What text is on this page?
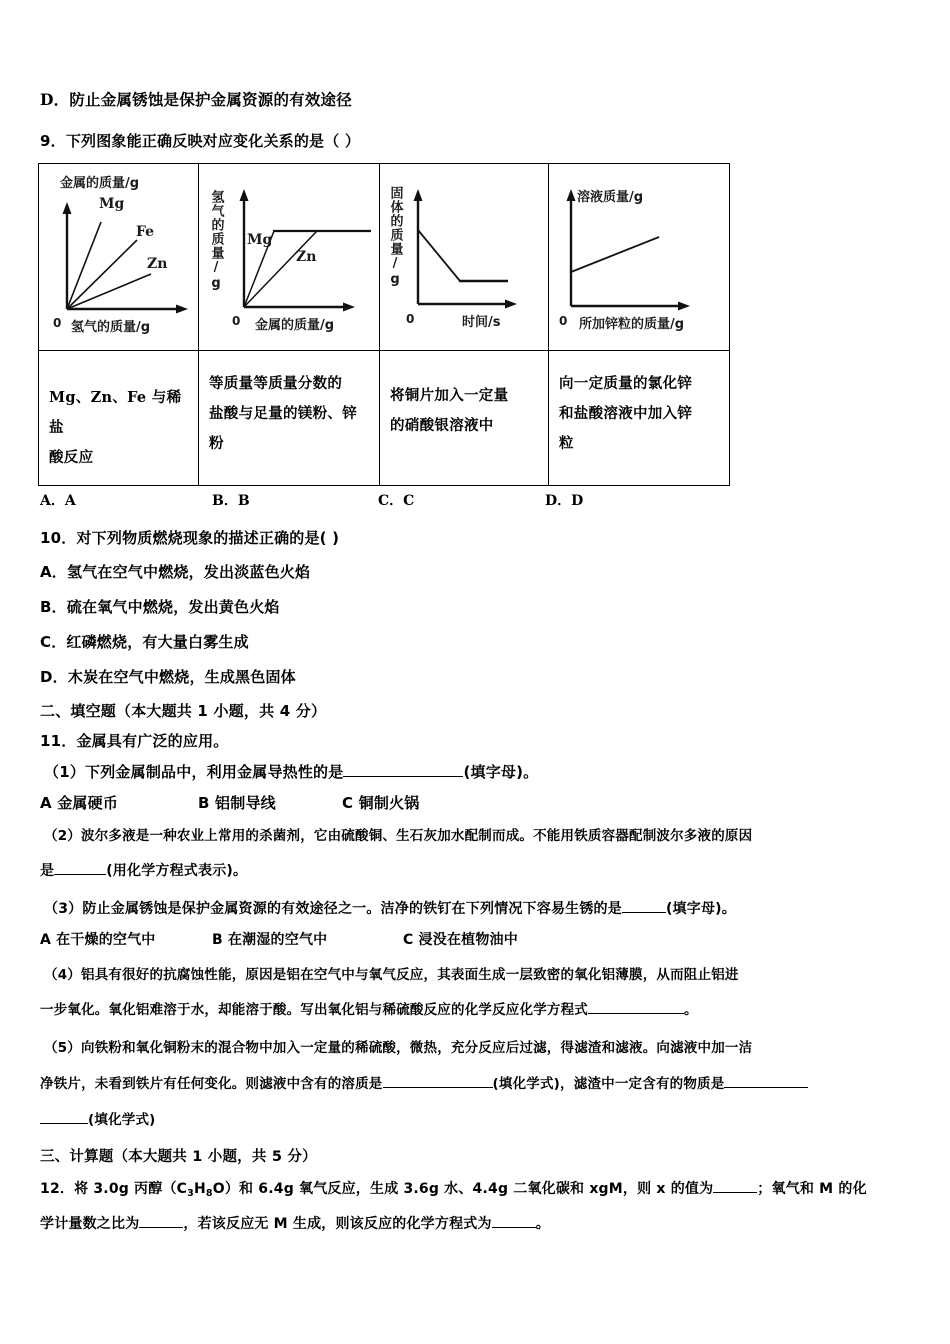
D．防止金属锈蚀是保护金属资源的有效途径
9．下列图象能正确反映对应变化关系的是（ ）
金属的质量/g
Mg
Fe
Zn
0 氢气的质量/g

氢气的质量/g Mg
Zn
0 金属的质量/g

固体的质量/g
0	时间/s

溶液质量/g
0 所加锌粒的质量/g

Mg、Zn、Fe 与稀盐
酸反应

等质量等质量分数的
盐酸与足量的镁粉、锌
粉

将铜片加入一定量
的硝酸银溶液中

向一定质量的氯化锌
和盐酸溶液中加入锌
粒
A．A	B．B	C．C	D．D
10．对下列物质燃烧现象的描述正确的是( )
A．氢气在空气中燃烧，发出淡蓝色火焰
B．硫在氧气中燃烧，发出黄色火焰
C．红磷燃烧，有大量白雾生成
D．木炭在空气中燃烧，生成黑色固体
二、填空题（本大题共 1 小题，共 4 分）
11．金属具有广泛的应用。
（1）下列金属制品中，利用金属导热性的是	(填字母)。
A 金属硬币	B 铝制导线	C 铜制火锅
（2）波尔多液是一种农业上常用的杀菌剂，它由硫酸铜、生石灰加水配制而成。不能用铁质容器配制波尔多液的原因
是	(用化学方程式表示)。
（3）防止金属锈蚀是保护金属资源的有效途径之一。洁净的铁钉在下列情况下容易生锈的是	(填字母)。
A 在干燥的空气中	B 在潮湿的空气中	C 浸没在植物油中
（4）铝具有很好的抗腐蚀性能，原因是铝在空气中与氧气反应，其表面生成一层致密的氧化铝薄膜，从而阻止铝进
一步氧化。氧化铝难溶于水，却能溶于酸。写出氧化铝与稀硫酸反应的化学反应化学方程式	。
（5）向铁粉和氧化铜粉末的混合物中加入一定量的稀硫酸，微热，充分反应后过滤，得滤渣和滤液。向滤液中加一洁
净铁片，未看到铁片有任何变化。则滤液中含有的溶质是	(填化学式)，滤渣中一定含有的物质是
(填化学式)
三、计算题（本大题共 1 小题，共 5 分）
12．将 3.0g 丙醇$(C_3H_8O)$和 6.4g 氧气反应，生成 3.6g 水、4.4g 二氧化碳和 xgM，则 x 的值为	；氧气和 M 的化
学计量数之比为	，若该反应无 M 生成，则该反应的化学方程式为	。
